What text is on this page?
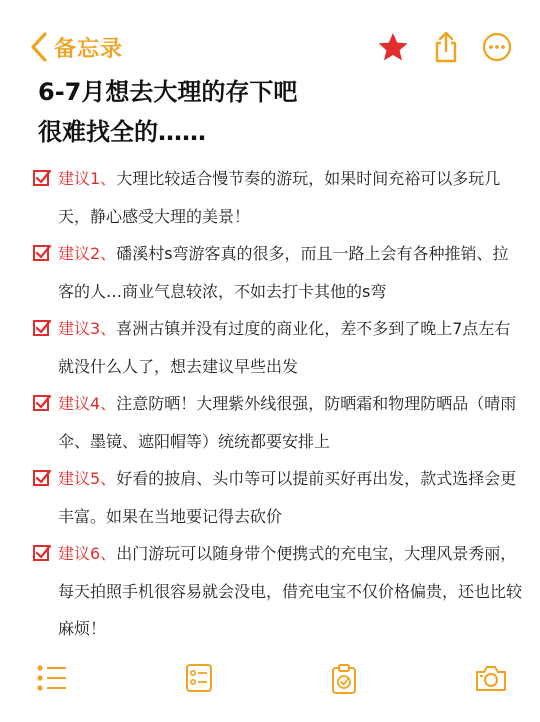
备忘录
6-7月想去大理的存下吧
很难找全的……
建议1、大理比较适合慢节奏的游玩，如果时间充裕可以多玩几天，静心感受大理的美景！
建议2、磻溪村s弯游客真的很多，而且一路上会有各种推销、拉客的人…商业气息较浓，不如去打卡其他的s弯
建议3、喜洲古镇并没有过度的商业化，差不多到了晚上7点左右就没什么人了，想去建议早些出发
建议4、注意防晒！大理紫外线很强，防晒霜和物理防晒品（晴雨伞、墨镜、遮阳帽等）统统都要安排上
建议5、好看的披肩、头巾等可以提前买好再出发，款式选择会更丰富。如果在当地要记得去砍价
建议6、出门游玩可以随身带个便携式的充电宝，大理风景秀丽，每天拍照手机很容易就会没电，借充电宝不仅价格偏贵，还也比较麻烦！
